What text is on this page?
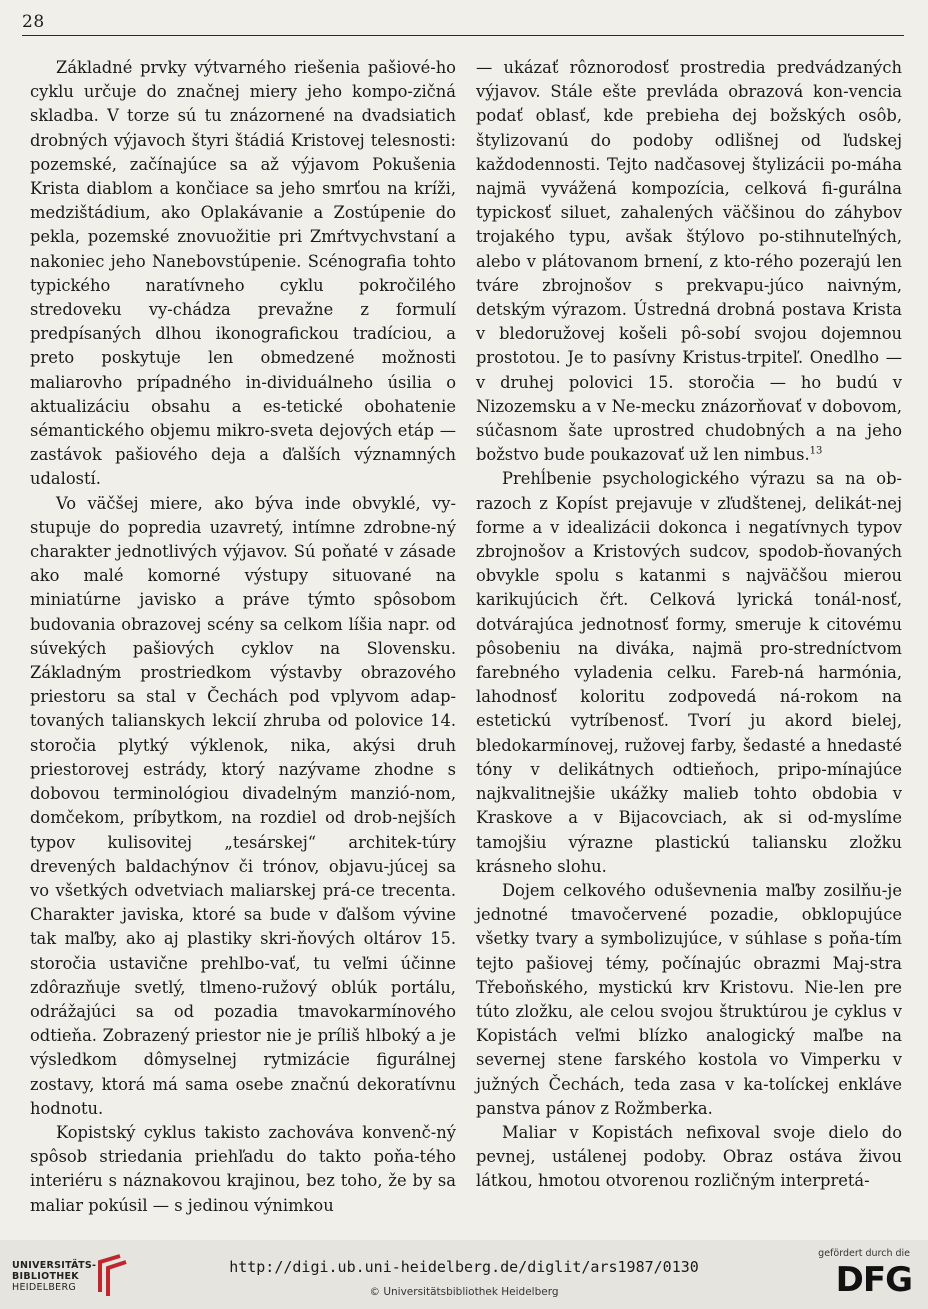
28

Základné prvky výtvarného riešenia pašiové-ho cyklu určuje do značnej miery jeho kompo-zičná skladba. V torze sú tu znázornené na dvadsiatich drobných výjavoch štyri štádiá Kristovej telesnosti: pozemské, začínajúce sa až výjavom Pokušenia Krista diablom a končiace sa jeho smrťou na kríži, medzištádium, ako Oplakávanie a Zostúpenie do pekla, pozemské znovuožitie pri Zmŕtvychvstaní a nakoniec jeho Nanebovstúpenie. Scénografia tohto typického naratívneho cyklu pokročilého stredoveku vy-chádza prevažne z formulí predpísaných dlhou ikonografickou tradíciou, a preto poskytuje len obmedzené možnosti maliarovho prípadného in-dividuálneho úsilia o aktualizáciu obsahu a es-tetické obohatenie sémantického objemu mikro-sveta dejových etáp — zastávok pašiového deja a ďalších významných udalostí.

Vo väčšej miere, ako býva inde obvyklé, vy-stupuje do popredia uzavretý, intímne zdrobne-ný charakter jednotlivých výjavov. Sú poňaté v zásade ako malé komorné výstupy situované na miniatúrne javisko a práve týmto spôsobom budovania obrazovej scény sa celkom líšia napr. od súvekých pašiových cyklov na Slovensku. Základným prostriedkom výstavby obrazového priestoru sa stal v Čechách pod vplyvom adap-tovaných talianskych lekcií zhruba od polovice 14. storočia plytký výklenok, nika, akýsi druh priestorovej estrády, ktorý nazývame zhodne s dobovou terminológiou divadelným manzió-nom, domčekom, príbytkom, na rozdiel od drob-nejších typov kulisovitej „tesárskej“ architek-túry drevených baldachýnov či trónov, objavu-júcej sa vo všetkých odvetviach maliarskej prá-ce trecenta. Charakter javiska, ktoré sa bude v ďalšom vývine tak maľby, ako aj plastiky skri-ňových oltárov 15. storočia ustavične prehlbo-vať, tu veľmi účinne zdôrazňuje svetlý, tlmeno-ružový oblúk portálu, odrážajúci sa od pozadia tmavokarmínového odtieňa. Zobrazený priestor nie je príliš hlboký a je výsledkom dômyselnej rytmizácie figurálnej zostavy, ktorá má sama osebe značnú dekoratívnu hodnotu.

Kopistský cyklus takisto zachováva konvenč-ný spôsob striedania priehľadu do takto poňa-tého interiéru s náznakovou krajinou, bez toho, že by sa maliar pokúsil — s jedinou výnimkou

— ukázať rôznorodosť prostredia predvádzaných výjavov. Stále ešte prevláda obrazová kon-vencia podať oblasť, kde prebieha dej božských osôb, štylizovanú do podoby odlišnej od ľudskej každodennosti. Tejto nadčasovej štylizácii po-máha najmä vyvážená kompozícia, celková fi-gurálna typickosť siluet, zahalených väčšinou do záhybov trojakého typu, avšak štýlovo po-stihnuteľných, alebo v plátovanom brnení, z kto-rého pozerajú len tváre zbrojnošov s prekvapu-júco naivným, detským výrazom. Ústredná drobná postava Krista v bledoružovej košeli pô-sobí svojou dojemnou prostotou. Je to pasívny Kristus-trpiteľ. Onedlho — v druhej polovici 15. storočia — ho budú v Nizozemsku a v Ne-mecku znázorňovať v dobovom, súčasnom šate uprostred chudobných a na jeho božstvo bude poukazovať už len nimbus.$^{13}$

Prehĺbenie psychologického výrazu sa na ob-razoch z Kopíst prejavuje v zľudštenej, delikát-nej forme a v idealizácii dokonca i negatívnych typov zbrojnošov a Kristových sudcov, spodob-ňovaných obvykle spolu s katanmi s najväčšou mierou karikujúcich čŕt. Celková lyrická tonál-nosť, dotvárajúca jednotnosť formy, smeruje k citovému pôsobeniu na diváka, najmä pro-stredníctvom farebného vyladenia celku. Fareb-ná harmónia, lahodnosť koloritu zodpovedá ná-rokom na estetickú vytríbenosť. Tvorí ju akord bielej, bledokarmínovej, ružovej farby, šedasté a hnedasté tóny v delikátnych odtieňoch, pripo-mínajúce najkvalitnejšie ukážky malieb tohto obdobia v Kraskove a v Bijacovciach, ak si od-myslíme tamojšiu výrazne plastickú taliansku zložku krásneho slohu.

Dojem celkového oduševnenia maľby zosilňu-je jednotné tmavočervené pozadie, obklopujúce všetky tvary a symbolizujúce, v súhlase s poňa-tím tejto pašiovej témy, počínajúc obrazmi Maj-stra Třeboňského, mystickú krv Kristovu. Nie-len pre túto zložku, ale celou svojou štruktúrou je cyklus v Kopistách veľmi blízko analogický maľbe na severnej stene farského kostola vo Vimperku v južných Čechách, teda zasa v ka-tolíckej enkláve panstva pánov z Rožmberka.

Maliar v Kopistách nefixoval svoje dielo do pevnej, ustálenej podoby. Obraz ostáva živou látkou, hmotou otvorenou rozličným interpretá-

UNIVERSITÄTS-
BIBLIOTHEK
HEIDELBERG
http://digi.ub.uni-heidelberg.de/diglit/ars1987/0130
© Universitätsbibliothek Heidelberg
gefördert durch die
DFG
